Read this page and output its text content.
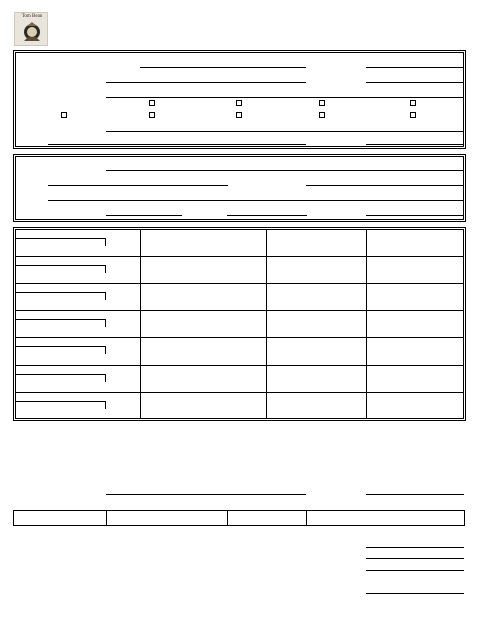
Tom Bean
